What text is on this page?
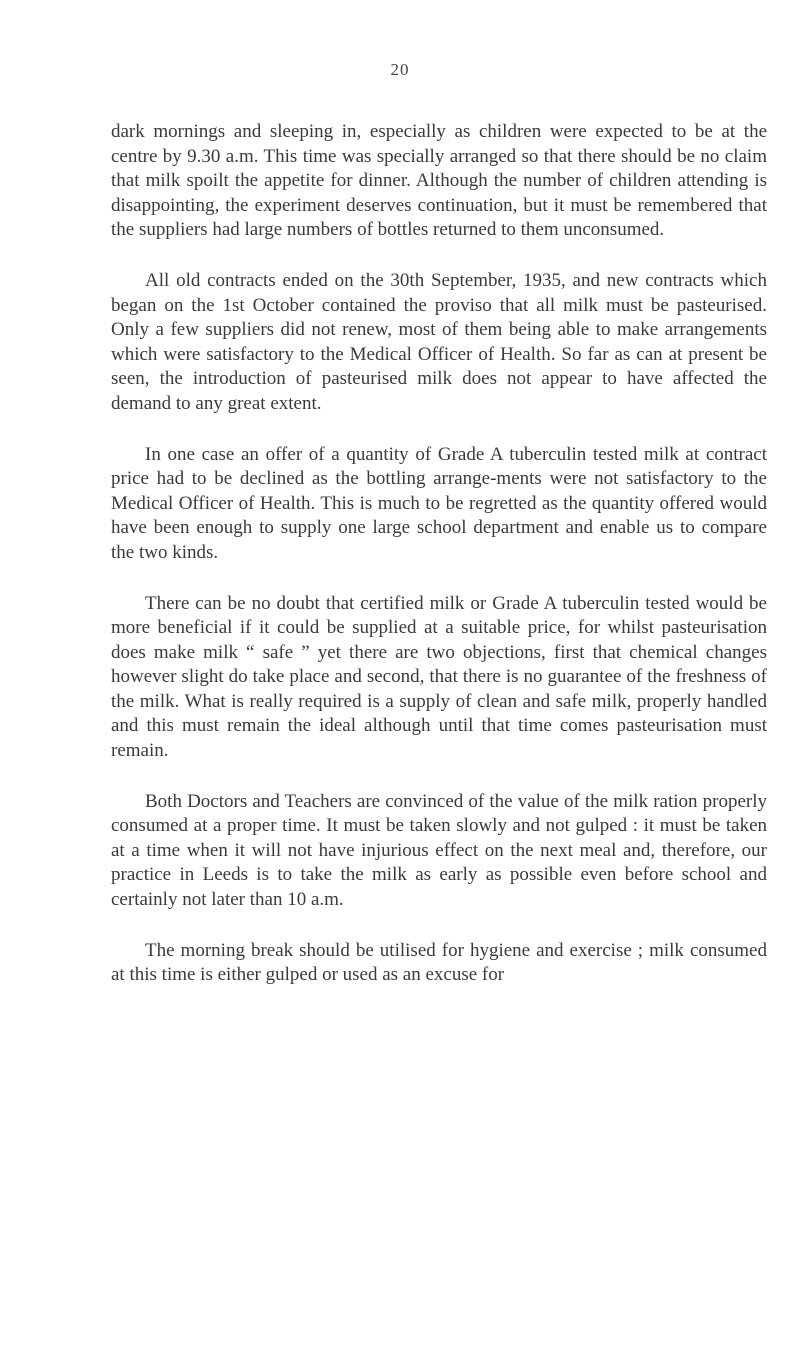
20

dark mornings and sleeping in, especially as children were expected to be at the centre by 9.30 a.m. This time was specially arranged so that there should be no claim that milk spoilt the appetite for dinner. Although the number of children attending is disappointing, the experiment deserves continuation, but it must be remembered that the suppliers had large numbers of bottles returned to them unconsumed.

All old contracts ended on the 30th September, 1935, and new contracts which began on the 1st October contained the proviso that all milk must be pasteurised. Only a few suppliers did not renew, most of them being able to make arrangements which were satisfactory to the Medical Officer of Health. So far as can at present be seen, the introduction of pasteurised milk does not appear to have affected the demand to any great extent.

In one case an offer of a quantity of Grade A tuberculin tested milk at contract price had to be declined as the bottling arrange-ments were not satisfactory to the Medical Officer of Health. This is much to be regretted as the quantity offered would have been enough to supply one large school department and enable us to compare the two kinds.

There can be no doubt that certified milk or Grade A tuberculin tested would be more beneficial if it could be supplied at a suitable price, for whilst pasteurisation does make milk “ safe ” yet there are two objections, first that chemical changes however slight do take place and second, that there is no guarantee of the freshness of the milk. What is really required is a supply of clean and safe milk, properly handled and this must remain the ideal although until that time comes pasteurisation must remain.

Both Doctors and Teachers are convinced of the value of the milk ration properly consumed at a proper time. It must be taken slowly and not gulped : it must be taken at a time when it will not have injurious effect on the next meal and, therefore, our practice in Leeds is to take the milk as early as possible even before school and certainly not later than 10 a.m.

The morning break should be utilised for hygiene and exercise ; milk consumed at this time is either gulped or used as an excuse for
